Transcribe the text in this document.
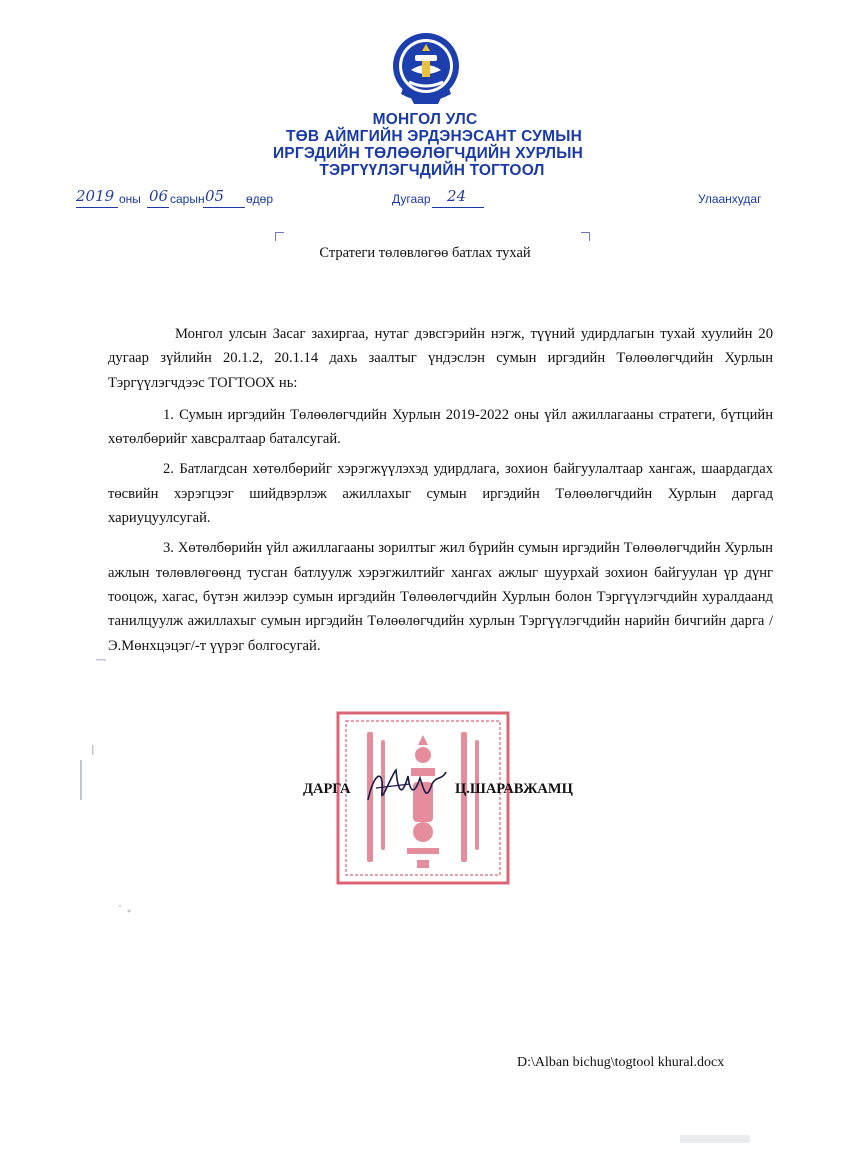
МОНГОЛ УЛС
ТӨВ АЙМГИЙН ЭРДЭНЭСАНТ СУМЫН
ИРГЭДИЙН ТӨЛӨӨЛӨГЧДИЙН ХУРЛЫН
ТЭРГҮҮЛЭГЧДИЙН ТОГТООЛ
2019 оны 06 сарын 05 өдөр	Дугаар 24	Улаанхудаг
Стратеги төлөвлөгөө батлах тухай

Монгол улсын Засаг захиргаа, нутаг дэвсгэрийн нэгж, түүний удирдлагын тухай хуулийн 20 дугаар зүйлийн 20.1.2, 20.1.14 дахь заалтыг үндэслэн сумын иргэдийн Төлөөлөгчдийн Хурлын Тэргүүлэгчдээс ТОГТООХ нь:

1. Сумын иргэдийн Төлөөлөгчдийн Хурлын 2019-2022 оны үйл ажиллагааны стратеги, бүтцийн хөтөлбөрийг хавсралтаар баталсугай.

2. Батлагдсан хөтөлбөрийг хэрэгжүүлэхэд удирдлага, зохион байгуулалтаар хангаж, шаардагдах төсвийн хэрэгцээг шийдвэрлэж ажиллахыг сумын иргэдийн Төлөөлөгчдийн Хурлын даргад хариуцуулсугай.

3. Хөтөлбөрийн үйл ажиллагааны зорилтыг жил бүрийн сумын иргэдийн Төлөөлөгчдийн Хурлын ажлын төлөвлөгөөнд тусган батлуулж хэрэгжилтийг хангах ажлыг шуурхай зохион байгуулан үр дүнг тооцож, хагас, бүтэн жилээр сумын иргэдийн Төлөөлөгчдийн Хурлын болон Тэргүүлэгчдийн хуралдаанд танилцуулж ажиллахыг сумын иргэдийн Төлөөлөгчдийн хурлын Тэргүүлэгчдийн нарийн бичгийн дарга /Э.Мөнхцэцэг/-т үүрэг болгосугай.

ДАРГА	Ц.ШАРАВЖАМЦ
D:\Alban bichug\togtool khural.docx
